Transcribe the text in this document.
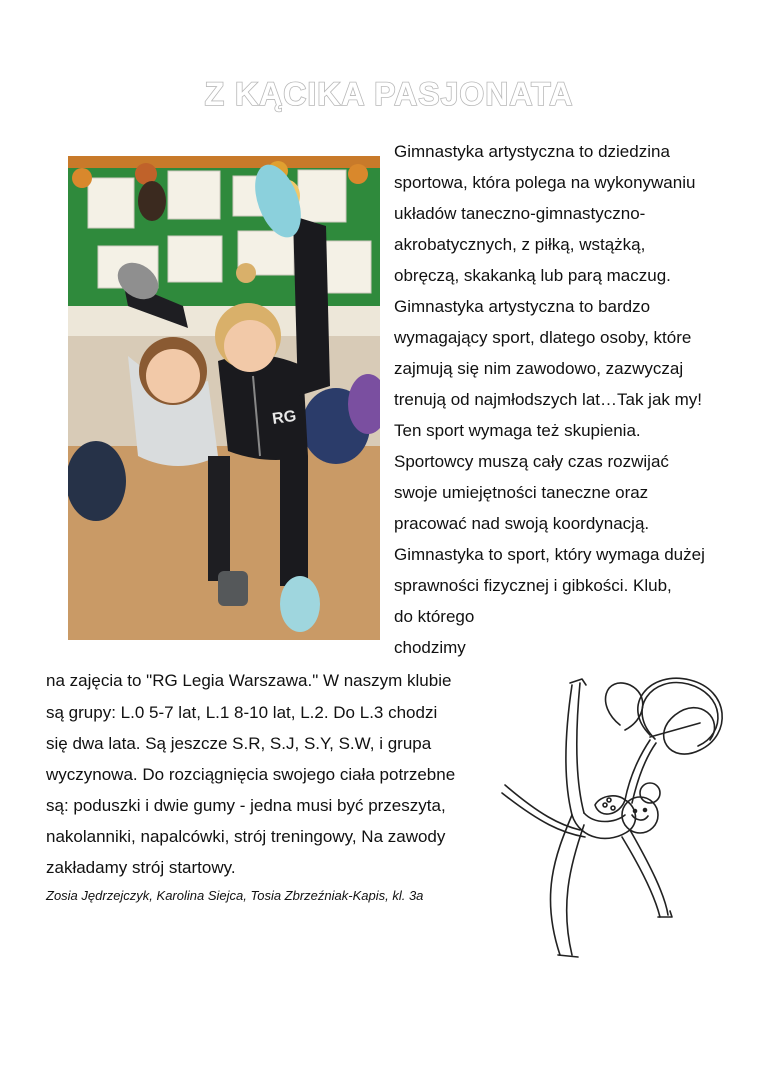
Z KĄCIKA PASJONATA
RG
Gimnastyka artystyczna to dziedzina
sportowa, która polega na wykonywaniu
układów taneczno-gimnastyczno-
akrobatycznych, z piłką, wstążką,
obręczą, skakanką lub parą maczug.
Gimnastyka artystyczna to bardzo
wymagający sport, dlatego osoby, które
zajmują się nim zawodowo, zazwyczaj
trenują od najmłodszych lat…Tak jak my!
Ten sport wymaga też skupienia.
Sportowcy muszą cały czas rozwijać
swoje umiejętności taneczne oraz
pracować nad swoją koordynacją.
Gimnastyka to sport, który wymaga dużej
sprawności fizycznej i gibkości. Klub,
do którego
chodzimy
na zajęcia to "RG Legia Warszawa." W naszym klubie
są grupy: L.0 5-7 lat, L.1 8-10 lat, L.2. Do L.3 chodzi
się dwa lata. Są jeszcze S.R, S.J, S.Y, S.W, i grupa
wyczynowa. Do rozciągnięcia swojego ciała potrzebne
są: poduszki i dwie gumy - jedna musi być przeszyta,
nakolanniki, napalcówki, strój treningowy, Na zawody
zakładamy strój startowy.
Zosia Jędrzejczyk, Karolina Siejca, Tosia Zbrzeźniak-Kapis, kl. 3a
